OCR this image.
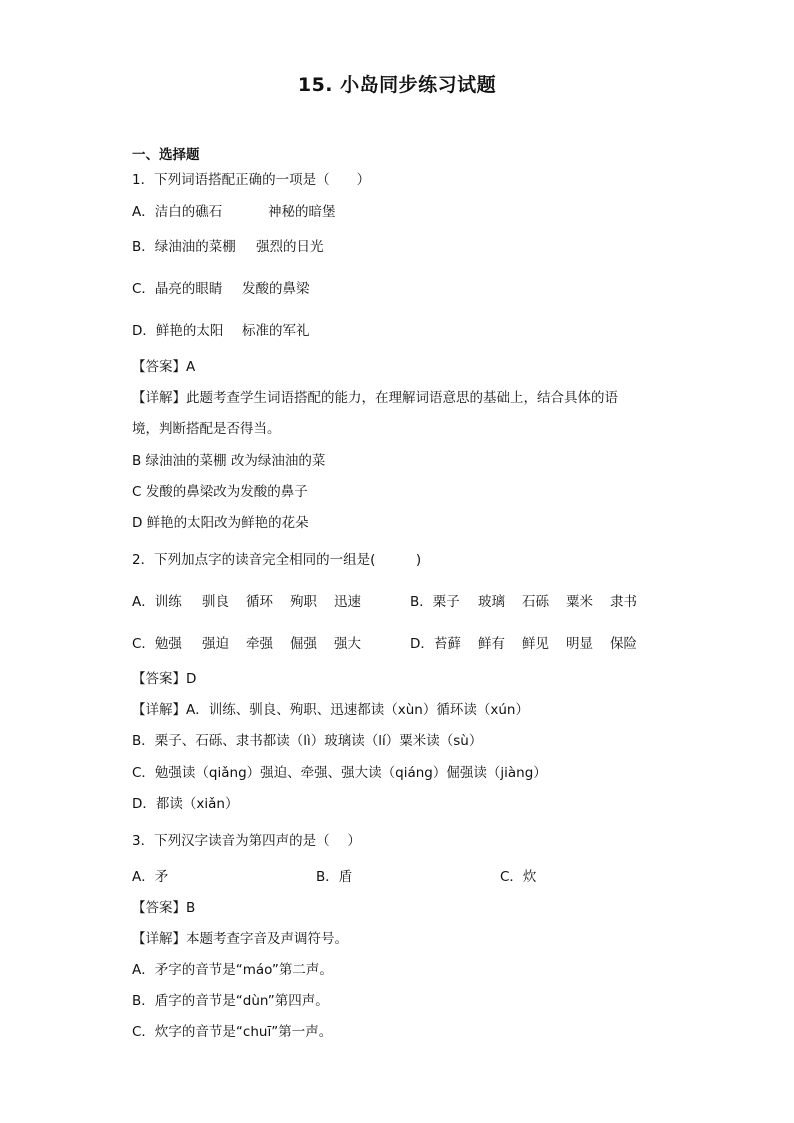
15. 小岛同步练习试题
一、选择题
1．下列词语搭配正确的一项是（　　）
A．洁白的礁石	神秘的暗堡
B．绿油油的菜棚 强烈的日光
C．晶亮的眼睛 发酸的鼻梁
D．鲜艳的太阳 标准的军礼
【答案】A
【详解】此题考查学生词语搭配的能力，在理解词语意思的基础上，结合具体的语
境，判断搭配是否得当。
B 绿油油的菜棚 改为绿油油的菜
C 发酸的鼻梁改为发酸的鼻子
D 鲜艳的太阳改为鲜艳的花朵
2．下列加点字的读音完全相同的一组是(　　　)
A．训练 驯良 循环 殉职 迅速	B．栗子 玻璃 石砾 粟米 隶书
C．勉强 强迫 牵强 倔强 强大	D．苔藓 鲜有 鲜见 明显 保险
【答案】D
【详解】A．训练、驯良、殉职、迅速都读（xùn）循环读（xún）
B．栗子、石砾、隶书都读（lì）玻璃读（lí）粟米读（sù）
C．勉强读（qiǎng）强迫、牵强、强大读（qiáng）倔强读（jiàng）
D．都读（xiǎn）
3．下列汉字读音为第四声的是（　 ）
A．矛	B．盾	C．炊
【答案】B
【详解】本题考查字音及声调符号。
A．矛字的音节是“máo”第二声。
B．盾字的音节是“dùn”第四声。
C．炊字的音节是“chuī”第一声。
